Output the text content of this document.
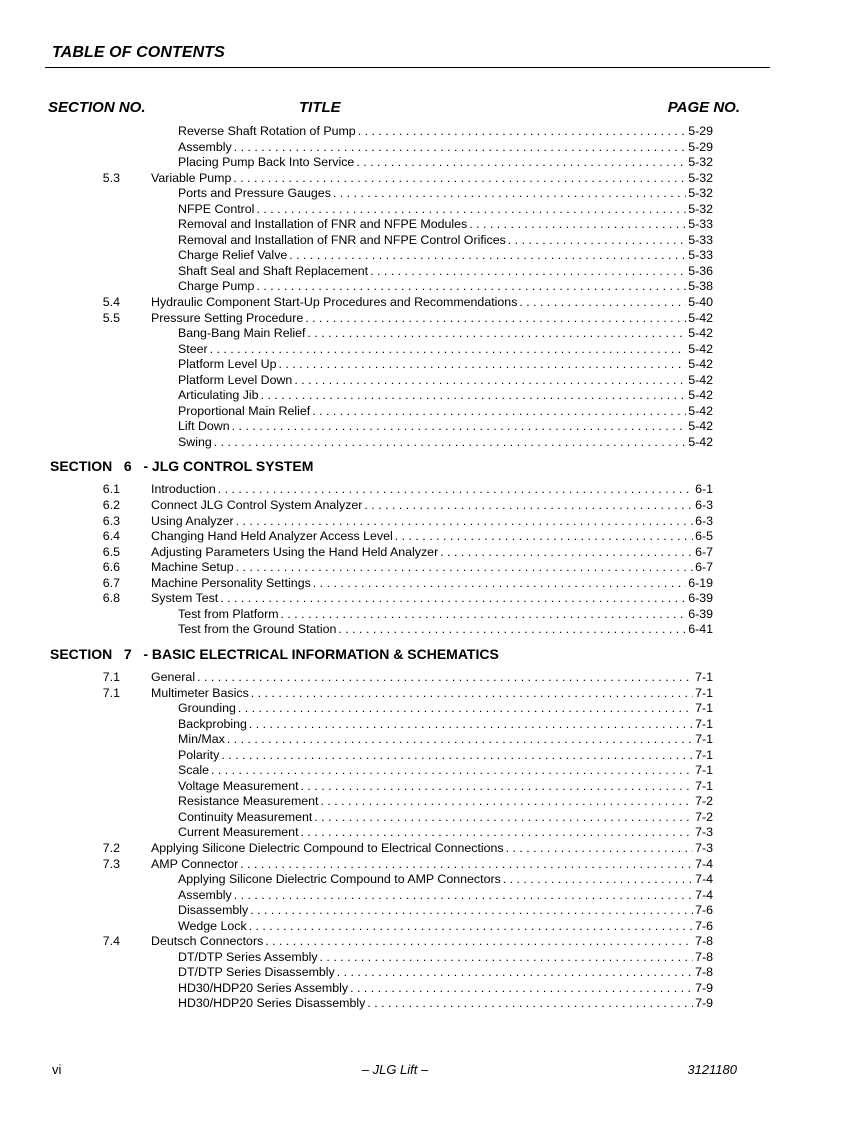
TABLE OF CONTENTS
SECTION NO.	TITLE	PAGE NO.
Reverse Shaft Rotation of Pump . . .	5-29
Assembly . . .	5-29
Placing Pump Back Into Service . . .	5-32
5.3	Variable Pump . . .	5-32
Ports and Pressure Gauges . . .	5-32
NFPE Control . . .	5-32
Removal and Installation of FNR and NFPE Modules . . .	5-33
Removal and Installation of FNR and NFPE Control Orifices . . .	5-33
Charge Relief Valve . . .	5-33
Shaft Seal and Shaft Replacement . . .	5-36
Charge Pump . . .	5-38
5.4	Hydraulic Component Start-Up Procedures and Recommendations . . .	5-40
5.5	Pressure Setting Procedure . . .	5-42
Bang-Bang Main Relief . . .	5-42
Steer . . .	5-42
Platform Level Up . . .	5-42
Platform Level Down . . .	5-42
Articulating Jib . . .	5-42
Proportional Main Relief . . .	5-42
Lift Down . . .	5-42
Swing . . .	5-42
SECTION   6   - JLG CONTROL SYSTEM
6.1	Introduction . . .	6-1
6.2	Connect JLG Control System Analyzer . . .	6-3
6.3	Using Analyzer . . .	6-3
6.4	Changing Hand Held Analyzer Access Level . . .	6-5
6.5	Adjusting Parameters Using the Hand Held Analyzer . . .	6-7
6.6	Machine Setup . . .	6-7
6.7	Machine Personality Settings . . .	6-19
6.8	System Test . . .	6-39
Test from Platform . . .	6-39
Test from the Ground Station . . .	6-41
SECTION   7   - BASIC ELECTRICAL INFORMATION & SCHEMATICS
7.1	General . . .	7-1
7.1	Multimeter Basics . . .	7-1
Grounding . . .	7-1
Backprobing . . .	7-1
Min/Max . . .	7-1
Polarity . . .	7-1
Scale . . .	7-1
Voltage Measurement . . .	7-1
Resistance Measurement . . .	7-2
Continuity Measurement . . .	7-2
Current Measurement . . .	7-3
7.2	Applying Silicone Dielectric Compound to Electrical Connections . . .	7-3
7.3	AMP Connector . . .	7-4
Applying Silicone Dielectric Compound to AMP Connectors . . .	7-4
Assembly . . .	7-4
Disassembly . . .	7-6
Wedge Lock . . .	7-6
7.4	Deutsch Connectors . . .	7-8
DT/DTP Series Assembly . . .	7-8
DT/DTP Series Disassembly . . .	7-8
HD30/HDP20 Series Assembly . . .	7-9
HD30/HDP20 Series Disassembly . . .	7-9
vi	– JLG Lift –	3121180
